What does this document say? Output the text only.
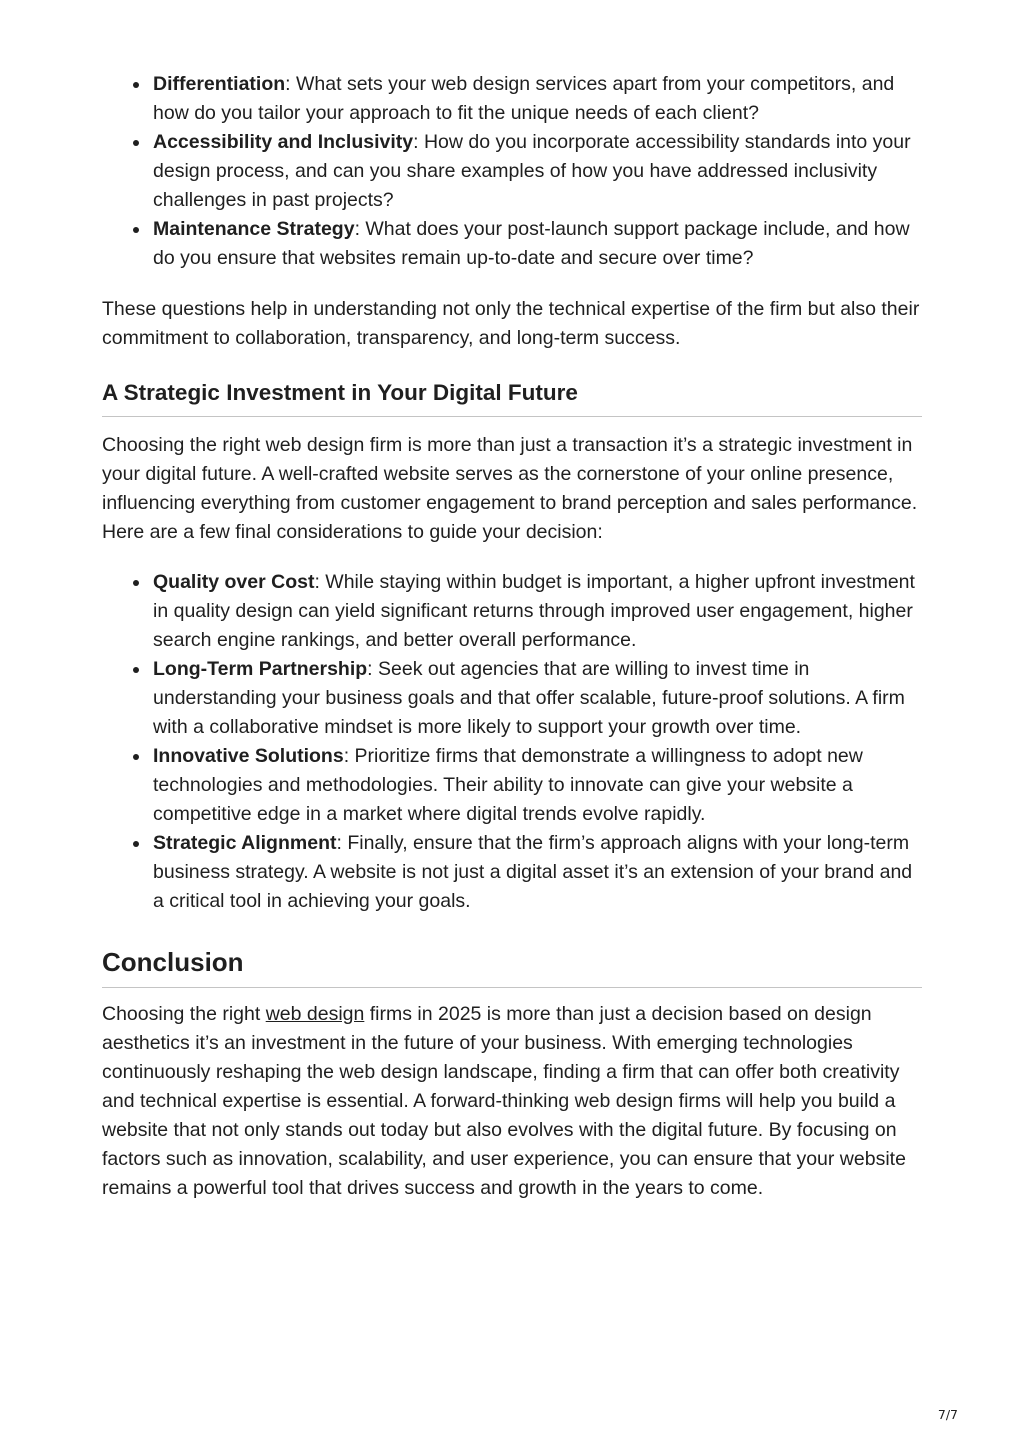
Differentiation: What sets your web design services apart from your competitors, and how do you tailor your approach to fit the unique needs of each client?
Accessibility and Inclusivity: How do you incorporate accessibility standards into your design process, and can you share examples of how you have addressed inclusivity challenges in past projects?
Maintenance Strategy: What does your post-launch support package include, and how do you ensure that websites remain up-to-date and secure over time?

These questions help in understanding not only the technical expertise of the firm but also their commitment to collaboration, transparency, and long-term success.

A Strategic Investment in Your Digital Future

Choosing the right web design firm is more than just a transaction it’s a strategic investment in your digital future. A well-crafted website serves as the cornerstone of your online presence, influencing everything from customer engagement to brand perception and sales performance. Here are a few final considerations to guide your decision:

Quality over Cost: While staying within budget is important, a higher upfront investment in quality design can yield significant returns through improved user engagement, higher search engine rankings, and better overall performance.
Long-Term Partnership: Seek out agencies that are willing to invest time in understanding your business goals and that offer scalable, future-proof solutions. A firm with a collaborative mindset is more likely to support your growth over time.
Innovative Solutions: Prioritize firms that demonstrate a willingness to adopt new technologies and methodologies. Their ability to innovate can give your website a competitive edge in a market where digital trends evolve rapidly.
Strategic Alignment: Finally, ensure that the firm’s approach aligns with your long-term business strategy. A website is not just a digital asset it’s an extension of your brand and a critical tool in achieving your goals.
Conclusion

Choosing the right web design firms in 2025 is more than just a decision based on design aesthetics it’s an investment in the future of your business. With emerging technologies continuously reshaping the web design landscape, finding a firm that can offer both creativity and technical expertise is essential. A forward-thinking web design firms will help you build a website that not only stands out today but also evolves with the digital future. By focusing on factors such as innovation, scalability, and user experience, you can ensure that your website remains a powerful tool that drives success and growth in the years to come.

7/7
